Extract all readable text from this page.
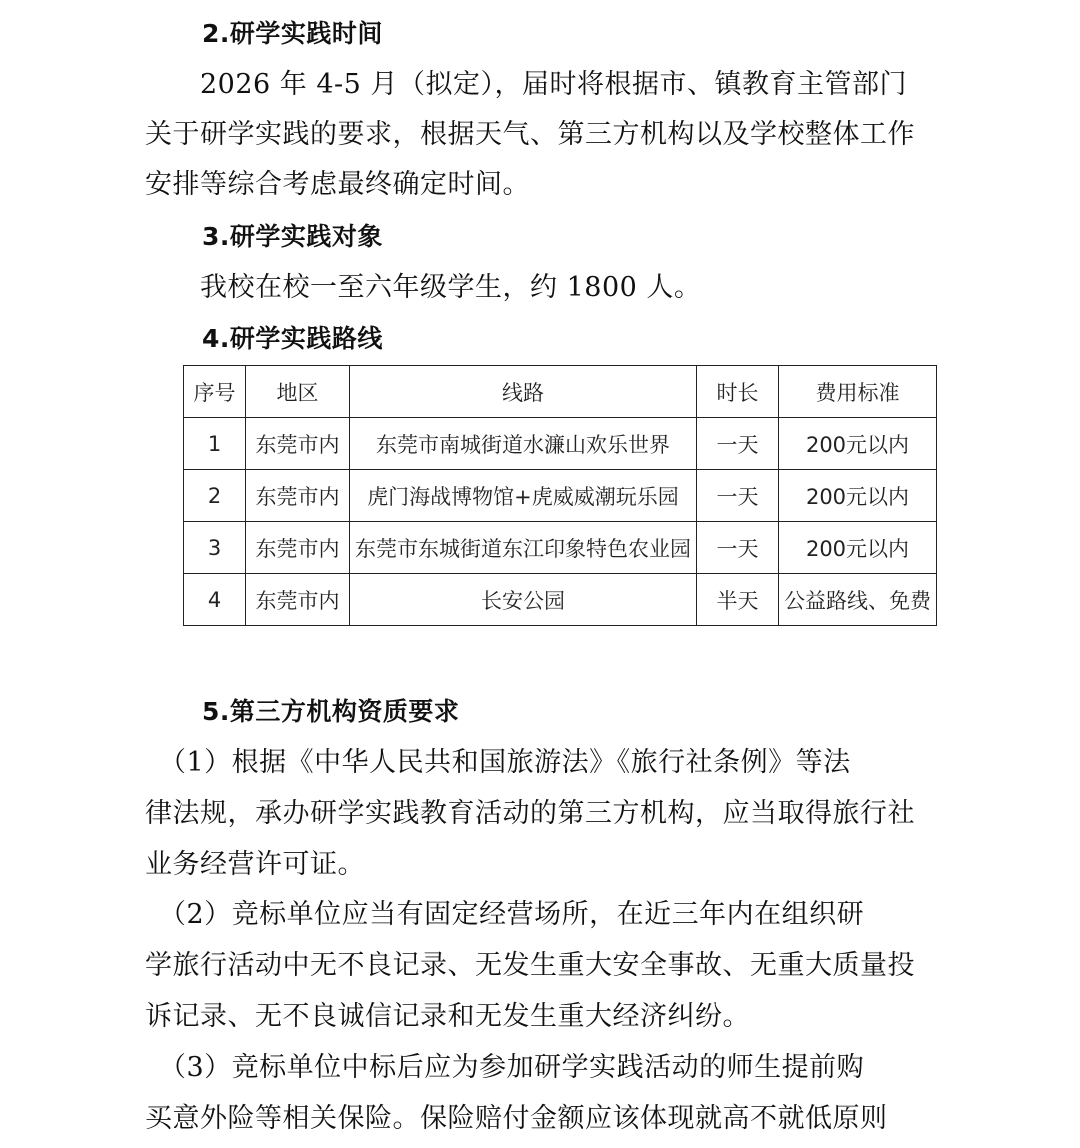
2.研学实践时间
　　2026 年 4-5 月（拟定），届时将根据市、镇教育主管部门
关于研学实践的要求，根据天气、第三方机构以及学校整体工作
安排等综合考虑最终确定时间。
3.研学实践对象
　　我校在校一至六年级学生，约 1800 人。
4.研学实践路线
序号	地区	线路	时长	费用标准
1	东莞市内	东莞市南城街道水濂山欢乐世界	一天	200元以内
2	东莞市内	虎门海战博物馆+虎威威潮玩乐园	一天	200元以内
3	东莞市内	东莞市东城街道东江印象特色农业园	一天	200元以内
4	东莞市内	长安公园	半天	公益路线、免费
5.第三方机构资质要求
　（1）根据《中华人民共和国旅游法》《旅行社条例》等法
律法规，承办研学实践教育活动的第三方机构，应当取得旅行社
业务经营许可证。
　（2）竞标单位应当有固定经营场所，在近三年内在组织研
学旅行活动中无不良记录、无发生重大安全事故、无重大质量投
诉记录、无不良诚信记录和无发生重大经济纠纷。
　（3）竞标单位中标后应为参加研学实践活动的师生提前购
买意外险等相关保险。保险赔付金额应该体现就高不就低原则
